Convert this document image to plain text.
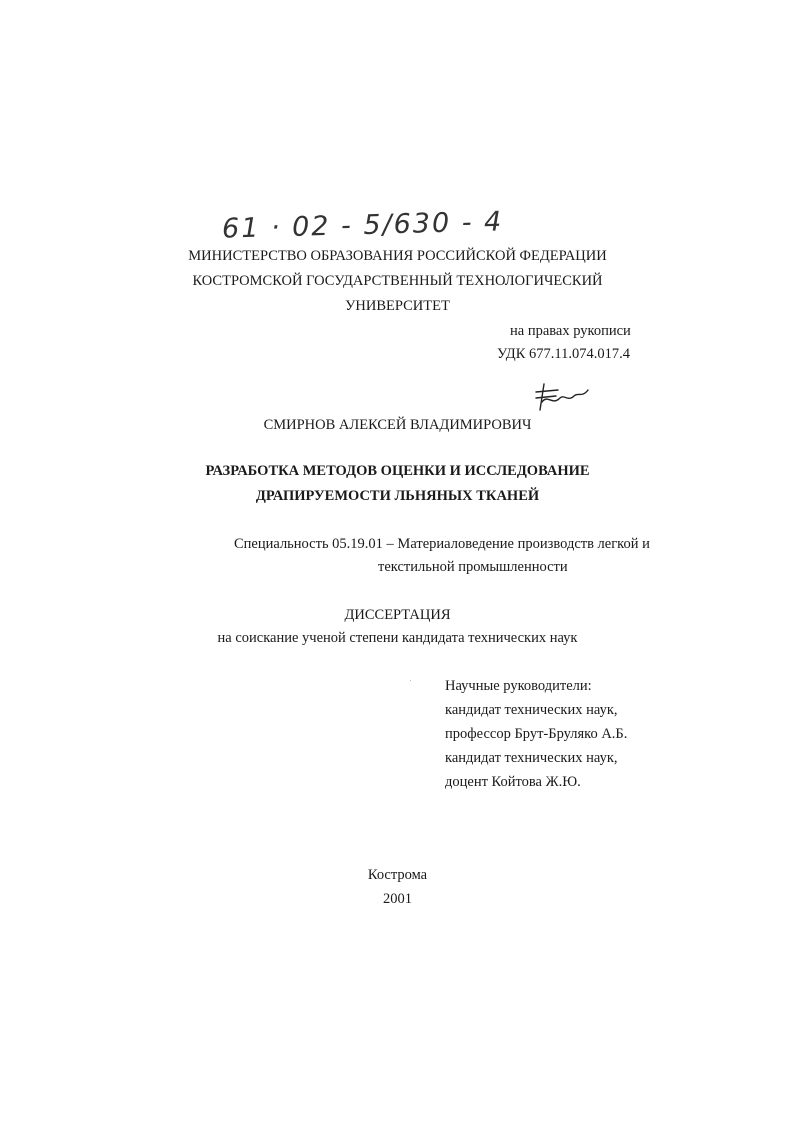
61 · 02 - 5/630 - 4
МИНИСТЕРСТВО ОБРАЗОВАНИЯ РОССИЙСКОЙ ФЕДЕРАЦИИ
КОСТРОМСКОЙ ГОСУДАРСТВЕННЫЙ ТЕХНОЛОГИЧЕСКИЙ
УНИВЕРСИТЕТ
на правах рукописи
УДК 677.11.074.017.4
СМИРНОВ АЛЕКСЕЙ ВЛАДИМИРОВИЧ
РАЗРАБОТКА МЕТОДОВ ОЦЕНКИ И ИССЛЕДОВАНИЕ
ДРАПИРУЕМОСТИ ЛЬНЯНЫХ ТКАНЕЙ
Специальность 05.19.01 – Материаловедение производств легкой и
текстильной промышленности
ДИССЕРТАЦИЯ
на соискание ученой степени кандидата технических наук
Научные руководители:
кандидат технических наук,
профессор Брут-Бруляко А.Б.
кандидат технических наук,
доцент Койтова Ж.Ю.
Кострома
2001
